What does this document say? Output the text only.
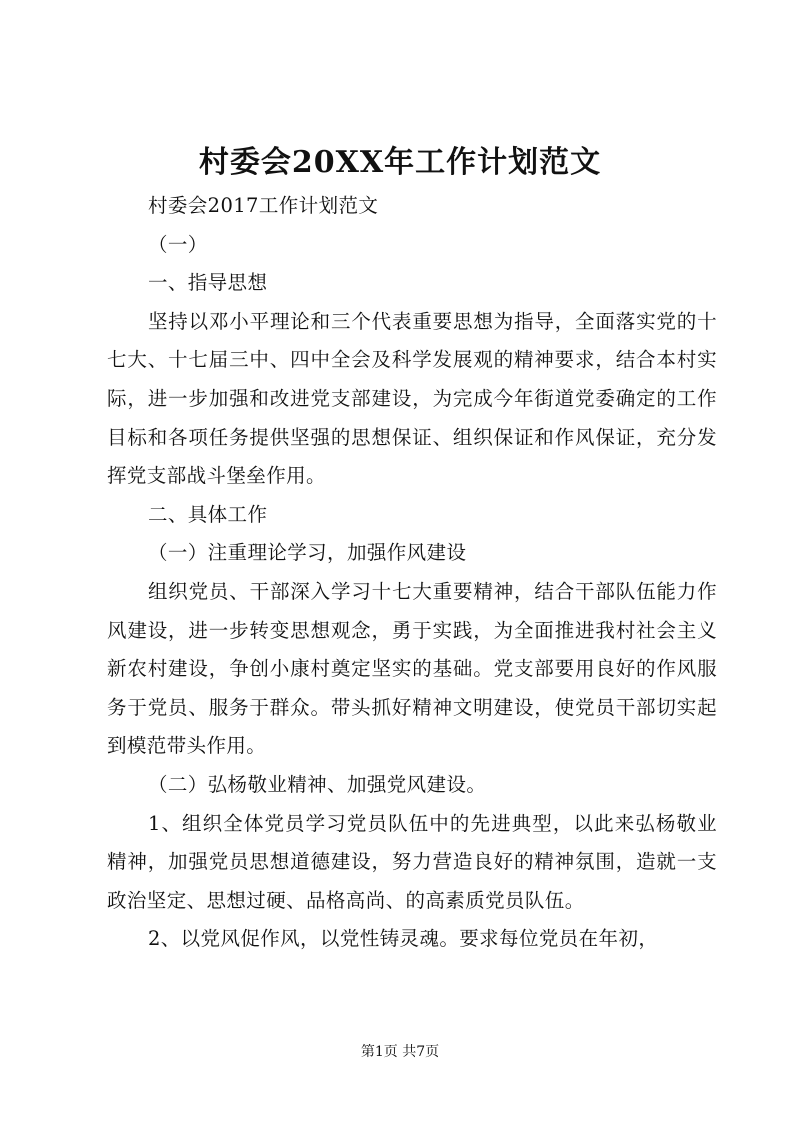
村委会20XX年工作计划范文

村委会2017工作计划范文

（一）

一、指导思想

坚持以邓小平理论和三个代表重要思想为指导，全面落实党的十七大、十七届三中、四中全会及科学发展观的精神要求，结合本村实际，进一步加强和改进党支部建设，为完成今年街道党委确定的工作目标和各项任务提供坚强的思想保证、组织保证和作风保证，充分发挥党支部战斗堡垒作用。

二、具体工作

（一）注重理论学习，加强作风建设

组织党员、干部深入学习十七大重要精神，结合干部队伍能力作风建设，进一步转变思想观念，勇于实践，为全面推进我村社会主义新农村建设，争创小康村奠定坚实的基础。党支部要用良好的作风服务于党员、服务于群众。带头抓好精神文明建设，使党员干部切实起到模范带头作用。

（二）弘杨敬业精神、加强党风建设。

1、组织全体党员学习党员队伍中的先进典型，以此来弘杨敬业精神，加强党员思想道德建设，努力营造良好的精神氛围，造就一支政治坚定、思想过硬、品格高尚、的高素质党员队伍。

2、以党风促作风，以党性铸灵魂。要求每位党员在年初，

第1页 共7页
